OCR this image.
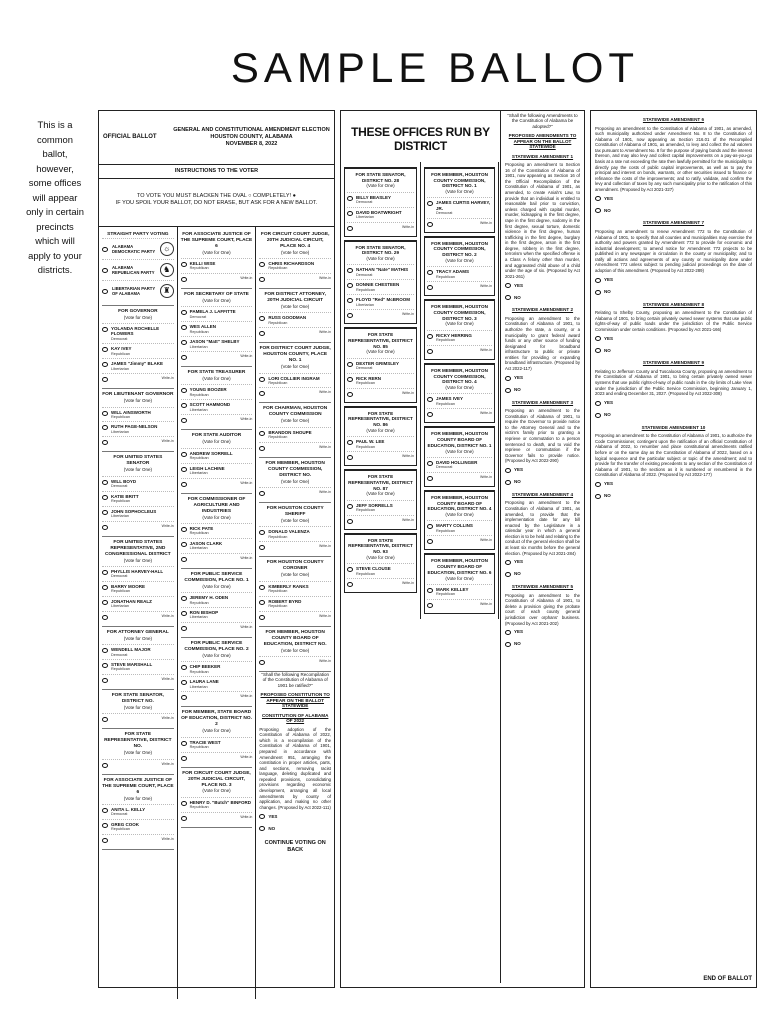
SAMPLE BALLOT
This is a common ballot, however, some offices will appear only in certain precincts which will apply to your districts.
OFFICIAL BALLOT
GENERAL AND CONSTITUTIONAL AMENDMENT ELECTION
HOUSTON COUNTY, ALABAMA
NOVEMBER 8, 2022
INSTRUCTIONS TO THE VOTER
TO VOTE YOU MUST BLACKEN THE OVAL ○ COMPLETELY! ●
IF YOU SPOIL YOUR BALLOT, DO NOT ERASE, BUT ASK FOR A NEW BALLOT.
STRAIGHT PARTY VOTING
ALABAMA DEMOCRATIC PARTY ☼
ALABAMA REPUBLICAN PARTY	♞
LIBERTARIAN PARTY OF ALABAMA	♜
FOR GOVERNOR
(Vote for One)
YOLANDA ROCHELLE FLOWERS
Democrat
KAY IVEY
Republican
JAMES "Jimmy" BLAKE
Libertarian
Write-in
FOR LIEUTENANT GOVERNOR
(Vote for One)
WILL AINSWORTH
Republican
RUTH PAGE-NELSON
Libertarian
Write-in
FOR UNITED STATES SENATOR
(Vote for One)
WILL BOYD
Democrat
KATIE BRITT
Republican
JOHN SOPHOCLEUS
Libertarian
Write-in
FOR UNITED STATES REPRESENTATIVE, 2ND CONGRESSIONAL DISTRICT
(Vote for One)
PHYLLIS HARVEY-HALL
Democrat
BARRY MOORE
Republican
JONATHAN REALZ
Libertarian
Write-in
FOR ATTORNEY GENERAL
(Vote for One)
WENDELL MAJOR
Democrat
STEVE MARSHALL
Republican
Write-in
FOR STATE SENATOR, DISTRICT NO.
(Vote for One)
Write-in
FOR STATE REPRESENTATIVE, DISTRICT NO.
(Vote for One)
Write-in
FOR ASSOCIATE JUSTICE OF THE SUPREME COURT, PLACE 6
(Vote for One)
ANITA L. KELLY
Democrat
GREG COOK
Republican
Write-in
FOR ASSOCIATE JUSTICE OF THE SUPREME COURT, PLACE 6
(Vote for One)
KELLI WISE
Republican
Write-in
FOR SECRETARY OF STATE
(Vote for One)
PAMELA J. LAFFITTE
Democrat
WES ALLEN
Republican
JASON "Matt" SHELBY
Libertarian
Write-in
FOR STATE TREASURER
(Vote for One)
YOUNG BOOZER
Republican
SCOTT HAMMOND
Libertarian
Write-in
FOR STATE AUDITOR
(Vote for One)
ANDREW SORRELL
Republican
LEIGH LACHINE
Libertarian
Write-in
FOR COMMISSIONER OF AGRICULTURE AND INDUSTRIES
(Vote for One)
RICK PATE
Republican
JASON CLARK
Libertarian
Write-in
FOR PUBLIC SERVICE COMMISSION, PLACE NO. 1
(Vote for One)
JEREMY H. ODEN
Republican
RON BISHOP
Libertarian
Write-in
FOR PUBLIC SERVICE COMMISSION, PLACE NO. 2
(Vote for One)
CHIP BEEKER
Republican
LAURA LANE
Libertarian
Write-in
FOR MEMBER, STATE BOARD OF EDUCATION, DISTRICT NO. 2
(Vote for One)
TRACIE WEST
Republican
Write-in
FOR CIRCUIT COURT JUDGE, 20TH JUDICIAL CIRCUIT, PLACE NO. 3
(Vote for One)
HENRY D. "Butch" BINFORD
Republican
Write-in
FOR CIRCUIT COURT JUDGE, 20TH JUDICIAL CIRCUIT, PLACE NO. 4
(Vote for One)
CHRIS RICHARDSON
Republican
Write-in
FOR DISTRICT ATTORNEY, 20TH JUDICIAL CIRCUIT
(Vote for One)
RUSS GOODMAN
Republican
Write-in
FOR DISTRICT COURT JUDGE, HOUSTON COUNTY, PLACE NO. 1
(Vote for One)
LORI COLLIER INGRAM
Republican
Write-in
FOR CHAIRMAN, HOUSTON COUNTY COMMISSION
(Vote for One)
BRANDON SHOUPE
Republican
Write-in
FOR MEMBER, HOUSTON COUNTY COMMISSION, DISTRICT NO.
(Vote for One)
Write-in
FOR HOUSTON COUNTY SHERIFF
(Vote for One)
DONALD VALENZA
Republican
Write-in
FOR HOUSTON COUNTY CORONER
(Vote for One)
KIMBERLY RANKS
Republican
ROBERT BYRD
Republican
Write-in
FOR MEMBER, HOUSTON COUNTY BOARD OF EDUCATION, DISTRICT NO.
(Vote for One)
Write-in
"Shall the following Recompilation of the Constitution of Alabama of 1901 be ratified?"
PROPOSED CONSTITUTION TO APPEAR ON THE BALLOT STATEWIDE
CONSTITUTION OF ALABAMA OF 2022
Proposing adoption of the Constitution of Alabama of 2022, which is a recompilation of the Constitution of Alabama of 1901, prepared in accordance with Amendment 951, arranging the constitution in proper articles, parts, and sections, removing racist language, deleting duplicated and repealed provisions, consolidating provisions regarding economic development, arranging all local amendments by county of application, and making no other changes. (Proposed by Act 2022-111)
YES
NO
CONTINUE VOTING ON BACK
THESE OFFICES RUN BY DISTRICT
FOR STATE SENATOR, DISTRICT NO. 28
(Vote for One)
BILLY BEASLEY
Democrat
DAVID BOATWRIGHT
Libertarian
Write-in
FOR STATE SENATOR, DISTRICT NO. 29
(Vote for One)
NATHAN "Nate" MATHIS
Democrat
DONNIE CHESTEEN
Republican
FLOYD "Red" McBROOM
Libertarian
Write-in
FOR STATE REPRESENTATIVE, DISTRICT NO. 85
(Vote for One)
DEXTER GRIMSLEY
Democrat
RICK RERN
Republican
Write-in
FOR STATE REPRESENTATIVE, DISTRICT NO. 86
(Vote for One)
PAUL W. LEE
Republican
Write-in
FOR STATE REPRESENTATIVE, DISTRICT NO. 87
(Vote for One)
JEFF SORRELLS
Republican
Write-in
FOR STATE REPRESENTATIVE, DISTRICT NO. 93
(Vote for One)
STEVE CLOUSE
Republican
Write-in
FOR MEMBER, HOUSTON COUNTY COMMISSION, DISTRICT NO. 1
(Vote for One)
JAMES CURTIS HARVEY, JR.
Democrat
Write-in
FOR MEMBER, HOUSTON COUNTY COMMISSION, DISTRICT NO. 2
(Vote for One)
TRACY ADAMS
Republican
Write-in
FOR MEMBER, HOUSTON COUNTY COMMISSION, DISTRICT NO. 3
(Vote for One)
RICKY HERRING
Republican
Write-in
FOR MEMBER, HOUSTON COUNTY COMMISSION, DISTRICT NO. 4
(Vote for One)
JAMES IVEY
Republican
Write-in
FOR MEMBER, HOUSTON COUNTY BOARD OF EDUCATION, DISTRICT NO. 1
(Vote for One)
DAVID HOLLINGER
Democrat
Write-in
FOR MEMBER, HOUSTON COUNTY BOARD OF EDUCATION, DISTRICT NO. 4
(Vote for One)
MARTY COLLINS
Republican
Write-in
FOR MEMBER, HOUSTON COUNTY BOARD OF EDUCATION, DISTRICT NO. 6
(Vote for One)
MARK KELLEY
Republican
Write-in
"Shall the following Amendments to the Constitution of Alabama be adopted?"
PROPOSED AMENDMENTS TO APPEAR ON THE BALLOT STATEWIDE
STATEWIDE AMENDMENT 1
Proposing an amendment to Section 16 of the Constitution of Alabama of 1901, now appearing as Section 16 of the Official Recompilation of the Constitution of Alabama of 1901, as amended, to create Aniah's Law, to provide that an individual is entitled to reasonable bail prior to conviction, unless charged with capital murder, murder, kidnapping in the first degree, rape in the first degree, sodomy in the first degree, sexual torture, domestic violence in the first degree, human trafficking in the first degree, burglary in the first degree, arson in the first degree, robbery in the first degree, terrorism when the specified offense is a Class A felony other than murder, and aggravated child abuse of a child under the age of six. (Proposed by Act 2021-261)
YES
NO
STATEWIDE AMENDMENT 2
Proposing an amendment to the Constitution of Alabama of 1901, to authorize the state, a county, or a municipality to grant federal award funds or any other source of funding designated for broadband infrastructure to public or private entities for providing or expanding broadband infrastructure. (Proposed by Act 2022-117)
YES
NO
STATEWIDE AMENDMENT 3
Proposing an amendment to the Constitution of Alabama of 1901, to require the Governor to provide notice to the Attorney General and to the victim's family prior to granting a reprieve or commutation to a person sentenced to death, and to void the reprieve or commutation if the Governor fails to provide notice. (Proposed by Act 2022-290)
YES
NO
STATEWIDE AMENDMENT 4
Proposing an amendment to the Constitution of Alabama of 1901, as amended, to provide that the implementation date for any bill enacted by the Legislature in a calendar year in which a general election is to be held and relating to the conduct of the general election shall be at least six months before the general election. (Proposed by Act 2021-284)
YES
NO
STATEWIDE AMENDMENT 5
Proposing an amendment to the Constitution of Alabama of 1901, to delete a provision giving the probate court of each county general jurisdiction over orphans' business. (Proposed by Act 2021-202)
YES
NO
STATEWIDE AMENDMENT 6
Proposing an amendment to the Constitution of Alabama of 1901, as amended, such municipality authorized under Amendment No. 8 to the Constitution of Alabama of 1901, now appearing as Section 216.01 of the Recompiled Constitution of Alabama of 1901, as amended, to levy and collect the ad valorem tax pursuant to Amendment No. 8 for the purpose of paying bonds and the interest thereon, and may also levy and collect capital improvements on a pay-as-you-go basis at a rate not exceeding the rate then lawfully permitted for the municipality to directly pay the costs of public capital improvements, as well as to pay the principal and interest on bonds, warrants, or other securities issued to finance or refinance the costs of the improvements; and to ratify, validate, and confirm the levy and collection of taxes by any such municipality prior to the ratification of this amendment. (Proposed by Act 2021-327)
YES
NO
STATEWIDE AMENDMENT 7
Proposing an amendment to renew Amendment 772 to the Constitution of Alabama of 1901, to specify that all counties and municipalities may exercise the authority and powers granted by Amendment 772 to provide for economic and industrial development; to amend notice for Amendment 772 projects to be published in any newspaper in circulation in the county or municipality; and to ratify all actions and agreements of any county or municipality done under Amendment 772 unless subject to pending judicial proceedings on the date of adoption of this amendment. (Proposed by Act 2022-289)
YES
NO
STATEWIDE AMENDMENT 8
Relating to Shelby County, proposing an amendment to the Constitution of Alabama of 1901, to bring certain privately owned sewer systems that use public rights-of-way of public roads under the jurisdiction of the Public Service Commission under certain conditions. (Proposed by Act 2021-166)
YES
NO
STATEWIDE AMENDMENT 9
Relating to Jefferson County and Tuscaloosa County, proposing an amendment to the Constitution of Alabama of 1901, to bring certain privately owned sewer systems that use public rights-of-way of public roads in the city limits of Lake View under the jurisdiction of the Public Service Commission, beginning January 1, 2023 and ending December 31, 2027. (Proposed by Act 2022-308)
YES
NO
STATEWIDE AMENDMENT 10
Proposing an amendment to the Constitution of Alabama of 1901, to authorize the Code Commissioner, contingent upon the ratification of an official Constitution of Alabama of 2022, to renumber and place constitutional amendments ratified before or on the same day as the Constitution of Alabama of 2022, based on a logical sequence and the particular subject or topic of the amendment; and to provide for the transfer of existing precedents to any section of the Constitution of Alabama of 1901, to the sections as it is numbered or renumbered in the Constitution of Alabama of 2022. (Proposed by Act 2022-177)
YES
NO
END OF BALLOT
